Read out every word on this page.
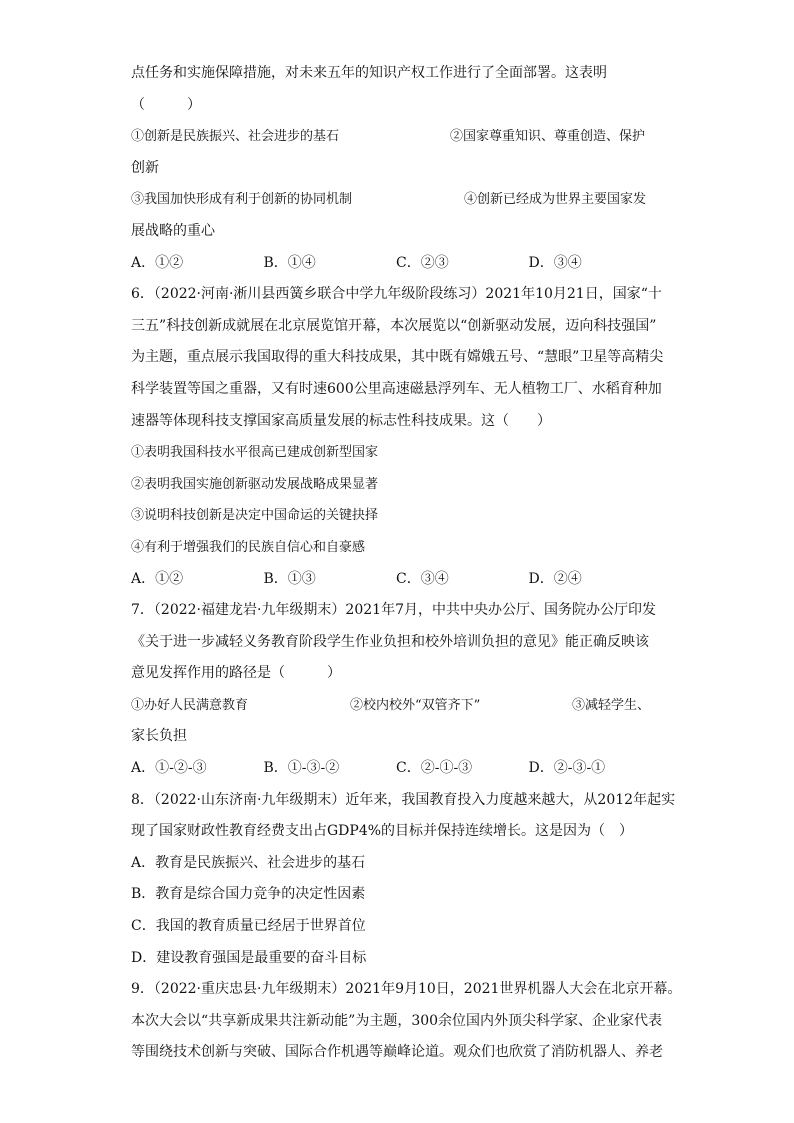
点任务和实施保障措施，对未来五年的知识产权工作进行了全面部署。这表明
（　　　）
①创新是民族振兴、社会进步的基石	②国家尊重知识、尊重创造、保护
创新
③我国加快形成有利于创新的协同机制	④创新已经成为世界主要国家发
展战略的重心
A．①②	B．①④	C．②③	D．③④
6．（2022·河南·淅川县西簧乡联合中学九年级阶段练习）2021年10月21日，国家“十
三五”科技创新成就展在北京展览馆开幕，本次展览以“创新驱动发展，迈向科技强国”
为主题，重点展示我国取得的重大科技成果，其中既有嫦娥五号、“慧眼”卫星等高精尖
科学装置等国之重器，又有时速600公里高速磁悬浮列车、无人植物工厂、水稻育种加
速器等体现科技支撑国家高质量发展的标志性科技成果。这（　　）
①表明我国科技水平很高已建成创新型国家
②表明我国实施创新驱动发展战略成果显著
③说明科技创新是决定中国命运的关键抉择
④有利于增强我们的民族自信心和自豪感
A．①②	B．①③	C．③④	D．②④
7．（2022·福建龙岩·九年级期末）2021年7月，中共中央办公厅、国务院办公厅印发
《关于进一步减轻义务教育阶段学生作业负担和校外培训负担的意见》能正确反映该
意见发挥作用的路径是（　　　）
①办好人民满意教育	②校内校外“双管齐下”	③减轻学生、
家长负担
A．①-②-③	B．①-③-②	C．②-①-③	D．②-③-①
8．（2022·山东济南·九年级期末）近年来，我国教育投入力度越来越大，从2012年起实
现了国家财政性教育经费支出占GDP4%的目标并保持连续增长。这是因为（　）
A．教育是民族振兴、社会进步的基石
B．教育是综合国力竞争的决定性因素
C．我国的教育质量已经居于世界首位
D．建设教育强国是最重要的奋斗目标
9．（2022·重庆忠县·九年级期末）2021年9月10日，2021世界机器人大会在北京开幕。
本次大会以“共享新成果共注新动能”为主题，300余位国内外顶尖科学家、企业家代表
等围绕技术创新与突破、国际合作机遇等巅峰论道。观众们也欣赏了消防机器人、养老
